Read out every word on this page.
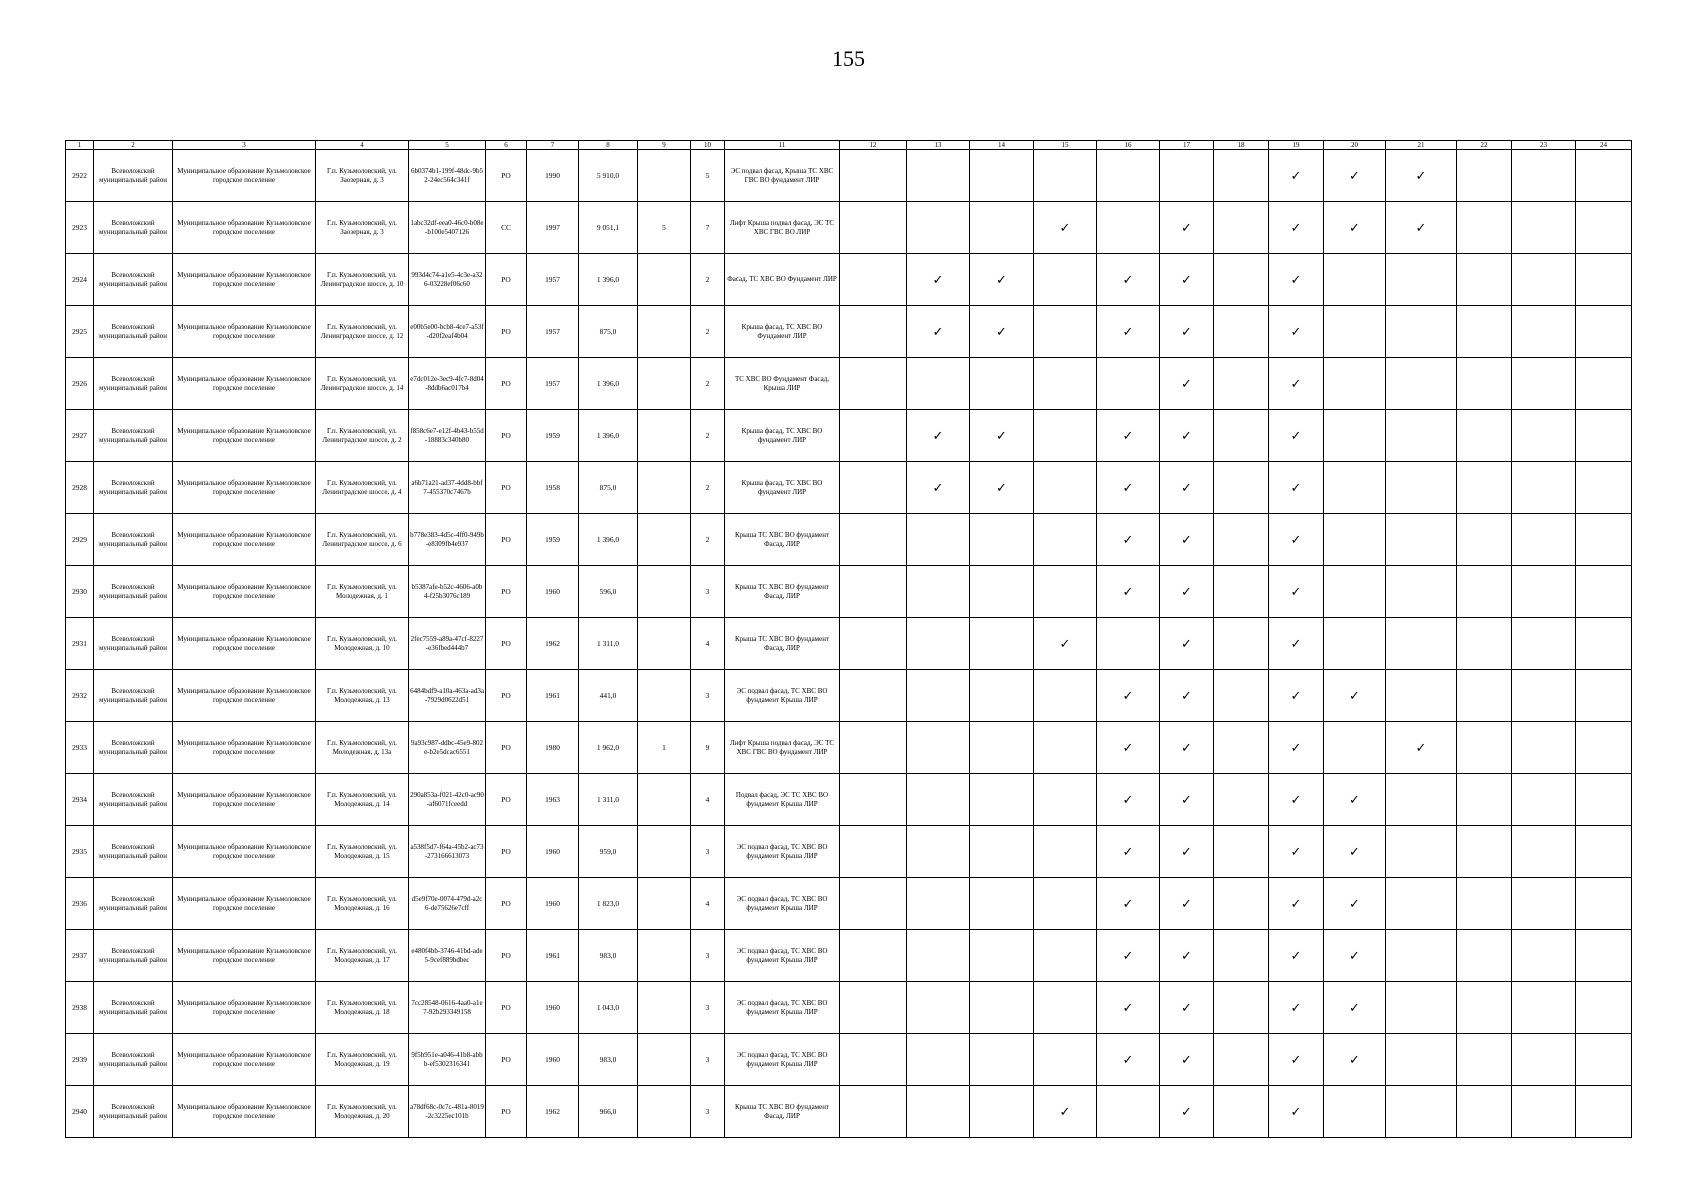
155
1	2	3	4	5	6	7	8	9	10	11	12	13	14	15	16	17	18	19	20	21	22	23	24
2922	Всеволожский муниципальный район	Муниципальное образование Кузьмоловское городское поселение	Г.п. Кузьмоловский, ул. Заозерная, д. 3	6b0374b1-199f-48dc-9b52-24ec564c341f	РО	1990	5 910,0		5	ЭС подвал фасад, Крыша ТС ХВС ГВС ВО фундамент ЛИР								✓	✓	✓			
2923	Всеволожский муниципальный район	Муниципальное образование Кузьмоловское городское поселение	Г.п. Кузьмоловский, ул. Заозерная, д. 3	1abc32df-eea0-46c0-b08e-b100e5407126	СС	1997	9 051,1	5	7	Лифт Крыша подвал фасад, ЭС ТС ХВС ГВС ВО ЛИР				✓		✓		✓	✓	✓			
2924	Всеволожский муниципальный район	Муниципальное образование Кузьмоловское городское поселение	Г.п. Кузьмоловский, ул. Ленинградское шоссе, д. 10	993d4c74-a1e5-4c3e-a326-03228ef06c60	РО	1957	1 396,0		2	Фасад, ТС ХВС ВО Фундамент ЛИР		✓	✓		✓	✓		✓					
2925	Всеволожский муниципальный район	Муниципальное образование Кузьмоловское городское поселение	Г.п. Кузьмоловский, ул. Ленинградское шоссе, д. 12	e00b5e00-bcb8-4ce7-a53f-d20f2eaf4b04	РО	1957	875,0		2	Крыша фасад, ТС ХВС ВО Фундамент ЛИР		✓	✓		✓	✓		✓					
2926	Всеволожский муниципальный район	Муниципальное образование Кузьмоловское городское поселение	Г.п. Кузьмоловский, ул. Ленинградское шоссе, д. 14	e7dc012e-3ec9-4fc7-8d04-8ddb6ac017b4	РО	1957	1 396,0		2	ТС ХВС ВО Фундамент Фасад, Крыша ЛИР						✓		✓					
2927	Всеволожский муниципальный район	Муниципальное образование Кузьмоловское городское поселение	Г.п. Кузьмоловский, ул. Ленинградское шоссе, д. 2	f858c6e7-e12f-4b43-b55d-18883c340b80	РО	1959	1 396,0		2	Крыша фасад, ТС ХВС ВО фундамент ЛИР		✓	✓		✓	✓		✓					
2928	Всеволожский муниципальный район	Муниципальное образование Кузьмоловское городское поселение	Г.п. Кузьмоловский, ул. Ленинградское шоссе, д. 4	a6b71a21-ad37-4dd8-bbf7-455370c7467b	РО	1958	875,0		2	Крыша фасад, ТС ХВС ВО фундамент ЛИР		✓	✓		✓	✓		✓					
2929	Всеволожский муниципальный район	Муниципальное образование Кузьмоловское городское поселение	Г.п. Кузьмоловский, ул. Ленинградское шоссе, д. 6	b778e383-4d5c-4ff0-949b-e8309fb4e937	РО	1959	1 396,0		2	Крыша ТС ХВС ВО фундамент Фасад, ЛИР					✓	✓		✓					
2930	Всеволожский муниципальный район	Муниципальное образование Кузьмоловское городское поселение	Г.п. Кузьмоловский, ул. Молодежная, д. 1	b5387afe-b52c-4606-a0b4-f25b3076c189	РО	1960	596,0		3	Крыша ТС ХВС ВО фундамент Фасад, ЛИР					✓	✓		✓					
2931	Всеволожский муниципальный район	Муниципальное образование Кузьмоловское городское поселение	Г.п. Кузьмоловский, ул. Молодежная, д. 10	2fec7559-a89a-47cf-8227-e36fbed444b7	РО	1962	1 311,0		4	Крыша ТС ХВС ВО фундамент Фасад, ЛИР				✓		✓		✓					
2932	Всеволожский муниципальный район	Муниципальное образование Кузьмоловское городское поселение	Г.п. Кузьмоловский, ул. Молодежная, д. 13	6484bdf9-a10a-463a-ad3a-7929d0622d51	РО	1961	441,0		3	ЭС подвал фасад, ТС ХВС ВО фундамент Крыша ЛИР					✓	✓		✓	✓				
2933	Всеволожский муниципальный район	Муниципальное образование Кузьмоловское городское поселение	Г.п. Кузьмоловский, ул. Молодежная, д. 13а	9a93c987-ddbc-45e9-802e-b2e5dcac6551	РО	1980	1 962,0	1	9	Лифт Крыша подвал фасад, ЭС ТС ХВС ГВС ВО фундамент ЛИР					✓	✓		✓		✓			
2934	Всеволожский муниципальный район	Муниципальное образование Кузьмоловское городское поселение	Г.п. Кузьмоловский, ул. Молодежная, д. 14	290a853a-f021-42c0-ac90-af6071fceedd	РО	1963	1 311,0		4	Подвал фасад, ЭС ТС ХВС ВО фундамент Крыша ЛИР					✓	✓		✓	✓				
2935	Всеволожский муниципальный район	Муниципальное образование Кузьмоловское городское поселение	Г.п. Кузьмоловский, ул. Молодежная, д. 15	a538f5d7-f64a-45b2-ac73-273166613073	РО	1960	959,0		3	ЭС подвал фасад, ТС ХВС ВО фундамент Крыша ЛИР					✓	✓		✓	✓				
2936	Всеволожский муниципальный район	Муниципальное образование Кузьмоловское городское поселение	Г.п. Кузьмоловский, ул. Молодежная, д. 16	d5e9f70e-0074-479d-a2c6-de75626e7cff	РО	1960	1 823,0		4	ЭС подвал фасад, ТС ХВС ВО фундамент Крыша ЛИР					✓	✓		✓	✓				
2937	Всеволожский муниципальный район	Муниципальное образование Кузьмоловское городское поселение	Г.п. Кузьмоловский, ул. Молодежная, д. 17	e480f4bb-3746-41bd-ade5-9cef889bdbec	РО	1961	983,0		3	ЭС подвал фасад, ТС ХВС ВО фундамент Крыша ЛИР					✓	✓		✓	✓				
2938	Всеволожский муниципальный район	Муниципальное образование Кузьмоловское городское поселение	Г.п. Кузьмоловский, ул. Молодежная, д. 18	7cc28548-0616-4aa0-a1e7-92b293349158	РО	1960	1 043,0		3	ЭС подвал фасад, ТС ХВС ВО фундамент Крыша ЛИР					✓	✓		✓	✓				
2939	Всеволожский муниципальный район	Муниципальное образование Кузьмоловское городское поселение	Г.п. Кузьмоловский, ул. Молодежная, д. 19	9f5b951e-a046-41b8-abbb-ef5302316341	РО	1960	983,0		3	ЭС подвал фасад, ТС ХВС ВО фундамент Крыша ЛИР					✓	✓		✓	✓				
2940	Всеволожский муниципальный район	Муниципальное образование Кузьмоловское городское поселение	Г.п. Кузьмоловский, ул. Молодежная, д. 20	a78df68c-0c7c-481a-8019-2c3225ec101b	РО	1962	966,0		3	Крыша ТС ХВС ВО фундамент Фасад, ЛИР				✓		✓		✓					
